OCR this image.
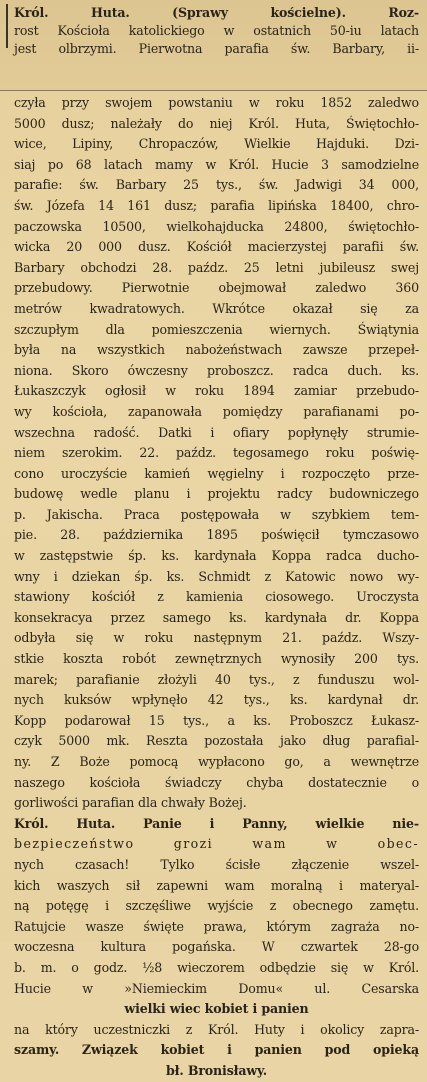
Król. Huta. (Sprawy kościelne). Roz-
rost Kościoła katolickiego w ostatnich 50-iu latach
jest olbrzymi. Pierwotna parafia św. Barbary, ii-
czyła przy swojem powstaniu w roku 1852 zaledwo
5000 dusz; należały do niej Król. Huta, Świętochło-
wice, Lipiny, Chropaczów, Wielkie Hajduki. Dzi-
siaj po 68 latach mamy w Król. Hucie 3 samodzielne
parafie: św. Barbary 25 tys., św. Jadwigi 34 000,
św. Józefa 14 161 dusz; parafia lipińska 18400, chro-
paczowska 10500, wielkohajducka 24800, świętochło-
wicka 20 000 dusz. Kościół macierzystej parafii św.
Barbary obchodzi 28. paźdz. 25 letni jubileusz swej
przebudowy. Pierwotnie obejmował zaledwo 360
metrów kwadratowych. Wkrótce okazał się za
szczupłym dla pomieszczenia wiernych. Świątynia
była na wszystkich nabożeństwach zawsze przepeł-
niona. Skoro ówczesny proboszcz. radca duch. ks.
Łukaszczyk ogłosił w roku 1894 zamiar przebudo-
wy kościoła, zapanowała pomiędzy parafianami po-
wszechna radość. Datki i ofiary popłynęły strumie-
niem szerokim. 22. paźdz. tegosamego roku poświę-
cono uroczyście kamień węgielny i rozpoczęto prze-
budowę wedle planu i projektu radcy budowniczego
p. Jakischa. Praca postępowała w szybkiem tem-
pie. 28. października 1895 poświęcił tymczasowo
w zastępstwie śp. ks. kardynała Koppa radca ducho-
wny i dziekan śp. ks. Schmidt z Katowic nowo wy-
stawiony kościół z kamienia ciosowego. Uroczysta
konsekracya przez samego ks. kardynała dr. Koppa
odbyła się w roku następnym 21. paźdz. Wszy-
stkie koszta robót zewnętrznych wynosiły 200 tys.
marek; parafianie złożyli 40 tys., z funduszu wol-
nych kuksów wpłynęło 42 tys., ks. kardynał dr.
Kopp podarował 15 tys., a ks. Proboszcz Łukasz-
czyk 5000 mk. Reszta pozostała jako dług parafial-
ny. Z Boże pomocą wypłacono go, a wewnętrze
naszego kościoła świadczy chyba dostatecznie o
gorliwości parafian dla chwały Bożej.
Król. Huta. Panie i Panny, wielkie nie-
bezpieczeństwo grozi wam w obec-
nych czasach! Tylko ścisłe złączenie wszel-
kich waszych sił zapewni wam moralną i materyal-
ną potęgę i szczęśliwe wyjście z obecnego zamętu.
Ratujcie wasze święte prawa, którym zagraża no-
woczesna kultura pogańska. W czwartek 28-go
b. m. o godz. ½8 wieczorem odbędzie się w Król.
Hucie w »Niemieckim Domu« ul. Cesarska
wielki wiec kobiet i panien
na który uczestniczki z Król. Huty i okolicy zapra-
szamy. Związek kobiet i panien pod opieką
bł. Bronisławy.
